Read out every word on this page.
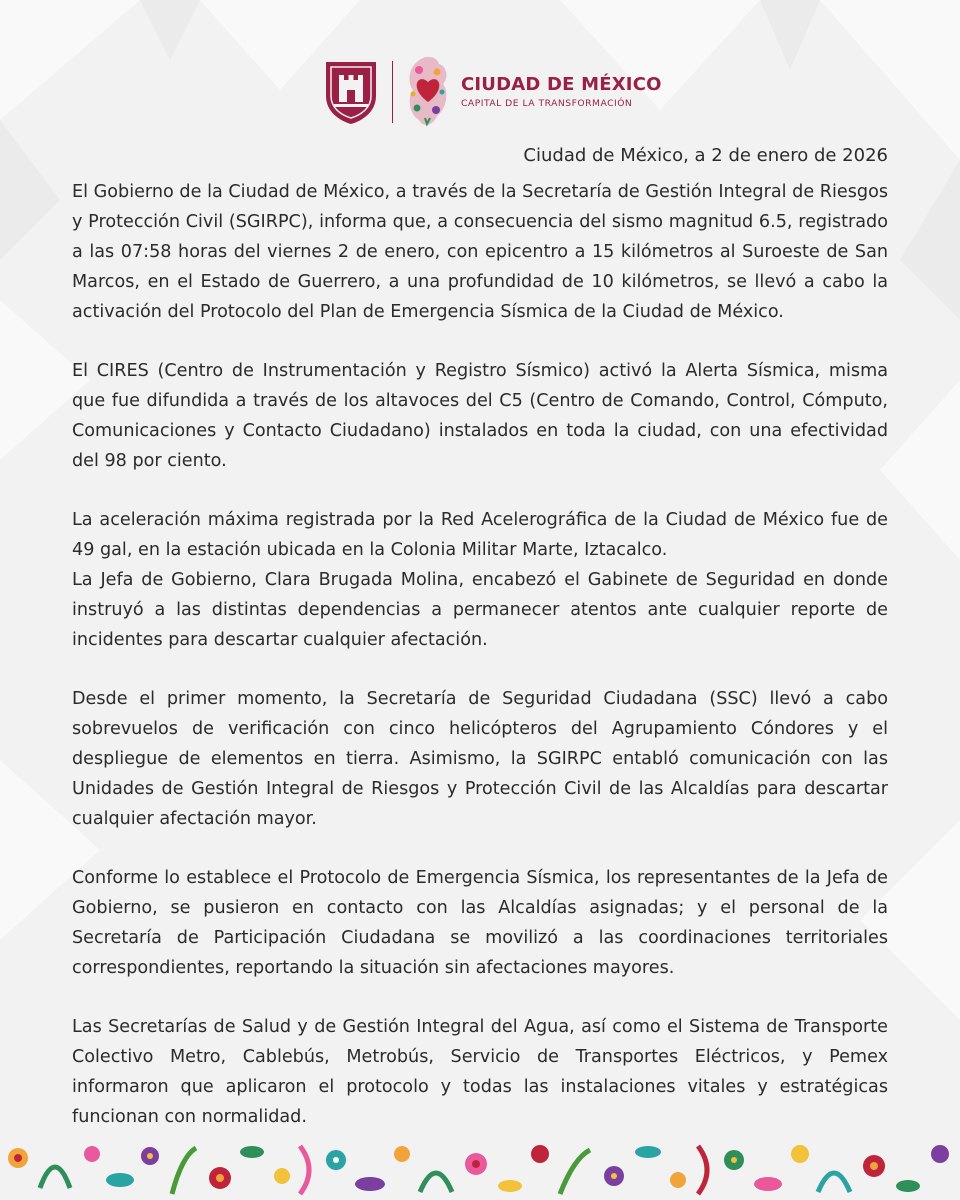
CIUDAD DE MÉXICO
CAPITAL DE LA TRANSFORMACIÓN
Ciudad de México, a 2 de enero de 2026

El Gobierno de la Ciudad de México, a través de la Secretaría de Gestión Integral de Riesgos y Protección Civil (SGIRPC), informa que, a consecuencia del sismo magnitud 6.5, registrado a las 07:58 horas del viernes 2 de enero, con epicentro a 15 kilómetros al Suroeste de San Marcos, en el Estado de Guerrero, a una profundidad de 10 kilómetros, se llevó a cabo la activación del Protocolo del Plan de Emergencia Sísmica de la Ciudad de México.

El CIRES (Centro de Instrumentación y Registro Sísmico) activó la Alerta Sísmica, misma que fue difundida a través de los altavoces del C5 (Centro de Comando, Control, Cómputo, Comunicaciones y Contacto Ciudadano) instalados en toda la ciudad, con una efectividad del 98 por ciento.

La aceleración máxima registrada por la Red Acelerográfica de la Ciudad de México fue de 49 gal, en la estación ubicada en la Colonia Militar Marte, Iztacalco.

La Jefa de Gobierno, Clara Brugada Molina, encabezó el Gabinete de Seguridad en donde instruyó a las distintas dependencias a permanecer atentos ante cualquier reporte de incidentes para descartar cualquier afectación.

Desde el primer momento, la Secretaría de Seguridad Ciudadana (SSC) llevó a cabo sobrevuelos de verificación con cinco helicópteros del Agrupamiento Cóndores y el despliegue de elementos en tierra. Asimismo, la SGIRPC entabló comunicación con las Unidades de Gestión Integral de Riesgos y Protección Civil de las Alcaldías para descartar cualquier afectación mayor.

Conforme lo establece el Protocolo de Emergencia Sísmica, los representantes de la Jefa de Gobierno, se pusieron en contacto con las Alcaldías asignadas; y el personal de la Secretaría de Participación Ciudadana se movilizó a las coordinaciones territoriales correspondientes, reportando la situación sin afectaciones mayores.

Las Secretarías de Salud y de Gestión Integral del Agua, así como el Sistema de Transporte Colectivo Metro, Cablebús, Metrobús, Servicio de Transportes Eléctricos, y Pemex informaron que aplicaron el protocolo y todas las instalaciones vitales y estratégicas funcionan con normalidad.
